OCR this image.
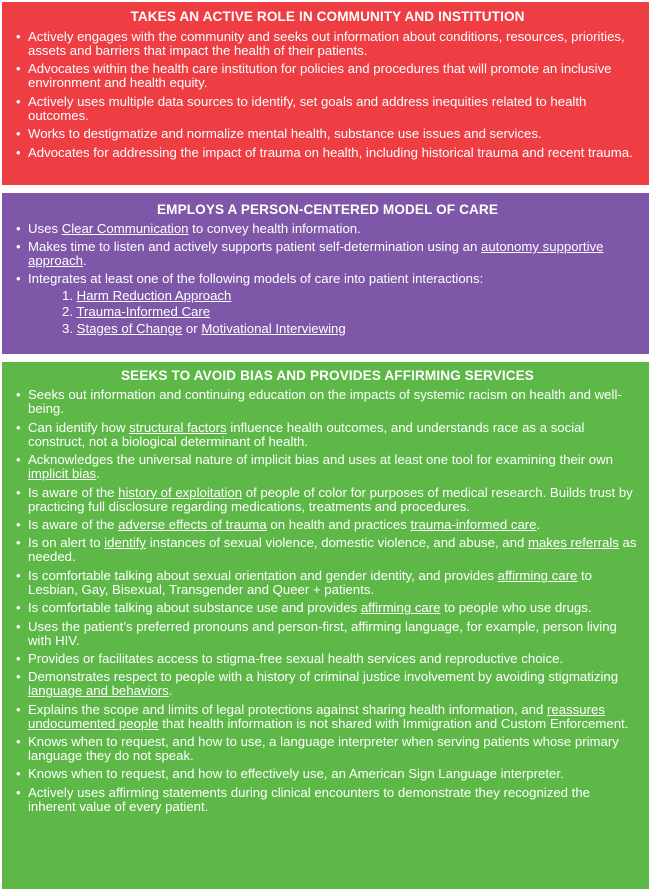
TAKES AN ACTIVE ROLE IN COMMUNITY AND INSTITUTION
• Actively engages with the community and seeks out information about conditions, resources, priorities, assets and barriers that impact the health of their patients.
• Advocates within the health care institution for policies and procedures that will promote an inclusive environment and health equity.
• Actively uses multiple data sources to identify, set goals and address inequities related to health outcomes.
• Works to destigmatize and normalize mental health, substance use issues and services.
• Advocates for addressing the impact of trauma on health, including historical trauma and recent trauma.
EMPLOYS A PERSON-CENTERED MODEL OF CARE
• Uses Clear Communication to convey health information.
• Makes time to listen and actively supports patient self-determination using an autonomy supportive approach.
• Integrates at least one of the following models of care into patient interactions:
1. Harm Reduction Approach
2. Trauma-Informed Care
3. Stages of Change or Motivational Interviewing
SEEKS TO AVOID BIAS AND PROVIDES AFFIRMING SERVICES
• Seeks out information and continuing education on the impacts of systemic racism on health and well-being.
• Can identify how structural factors influence health outcomes, and understands race as a social construct, not a biological determinant of health.
• Acknowledges the universal nature of implicit bias and uses at least one tool for examining their own implicit bias.
• Is aware of the history of exploitation of people of color for purposes of medical research. Builds trust by practicing full disclosure regarding medications, treatments and procedures.
• Is aware of the adverse effects of trauma on health and practices trauma-informed care.
• Is on alert to identify instances of sexual violence, domestic violence, and abuse, and makes referrals as needed.
• Is comfortable talking about sexual orientation and gender identity, and provides affirming care to Lesbian, Gay, Bisexual, Transgender and Queer + patients.
• Is comfortable talking about substance use and provides affirming care to people who use drugs.
• Uses the patient’s preferred pronouns and person-first, affirming language, for example, person living with HIV.
• Provides or facilitates access to stigma-free sexual health services and reproductive choice.
• Demonstrates respect to people with a history of criminal justice involvement by avoiding stigmatizing language and behaviors.
• Explains the scope and limits of legal protections against sharing health information, and reassures undocumented people that health information is not shared with Immigration and Custom Enforcement.
• Knows when to request, and how to use, a language interpreter when serving patients whose primary language they do not speak.
• Knows when to request, and how to effectively use, an American Sign Language interpreter.
• Actively uses affirming statements during clinical encounters to demonstrate they recognized the inherent value of every patient.
